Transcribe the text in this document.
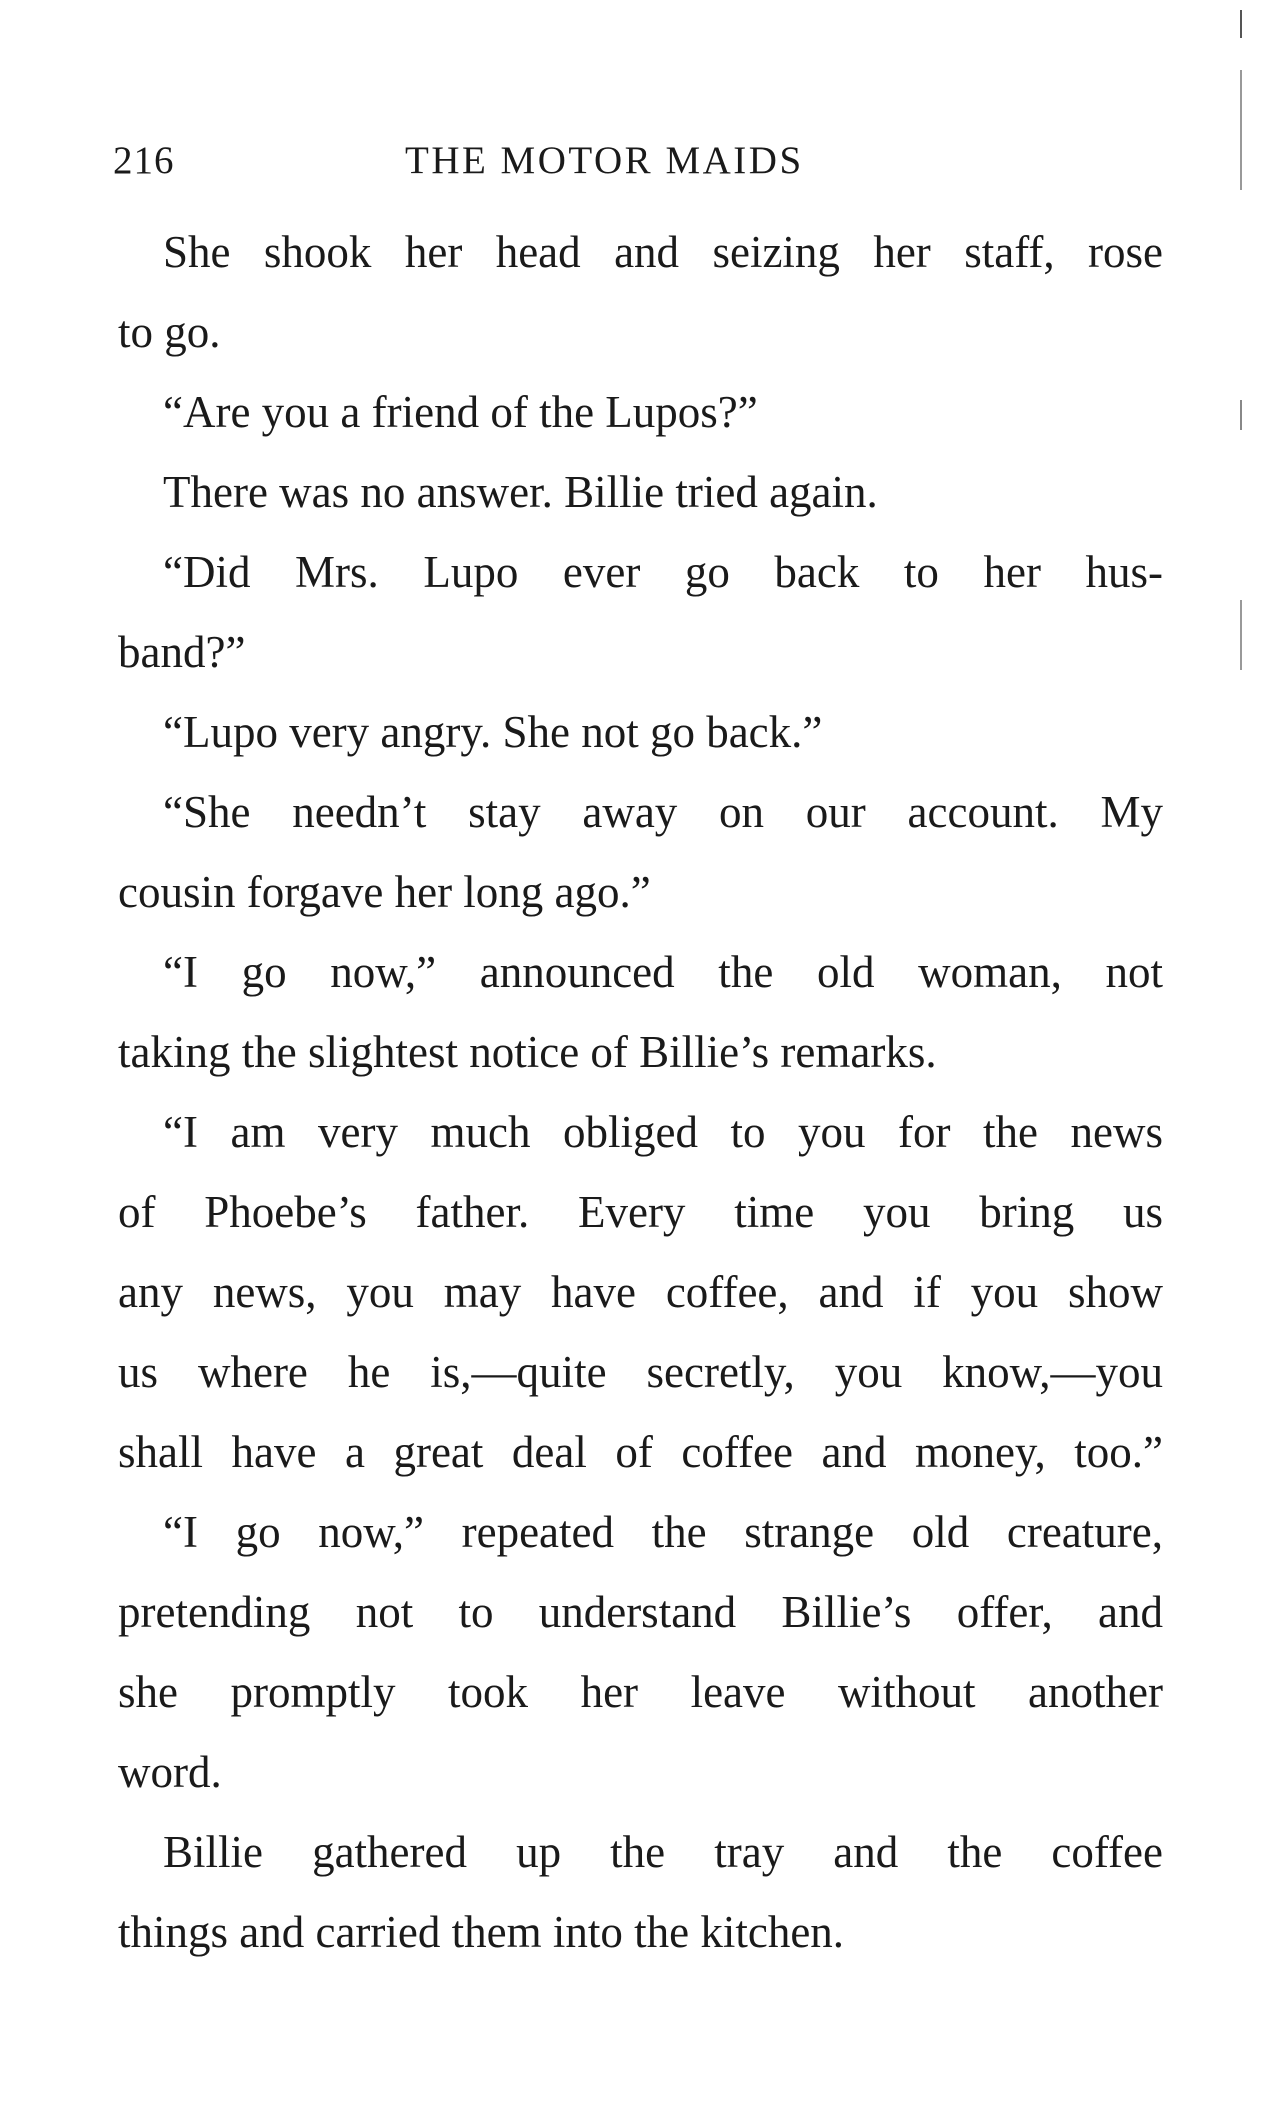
216	THE MOTOR MAIDS
She shook her head and seizing her staff, rose
to go.
“Are you a friend of the Lupos?”
There was no answer. Billie tried again.
“Did Mrs. Lupo ever go back to her hus-
band?”
“Lupo very angry. She not go back.”
“She needn’t stay away on our account. My
cousin forgave her long ago.”
“I go now,” announced the old woman, not
taking the slightest notice of Billie’s remarks.
“I am very much obliged to you for the news
of Phoebe’s father. Every time you bring us
any news, you may have coffee, and if you show
us where he is,—quite secretly, you know,—you
shall have a great deal of coffee and money, too.”
“I go now,” repeated the strange old creature,
pretending not to understand Billie’s offer, and
she promptly took her leave without another
word.
Billie gathered up the tray and the coffee
things and carried them into the kitchen.
